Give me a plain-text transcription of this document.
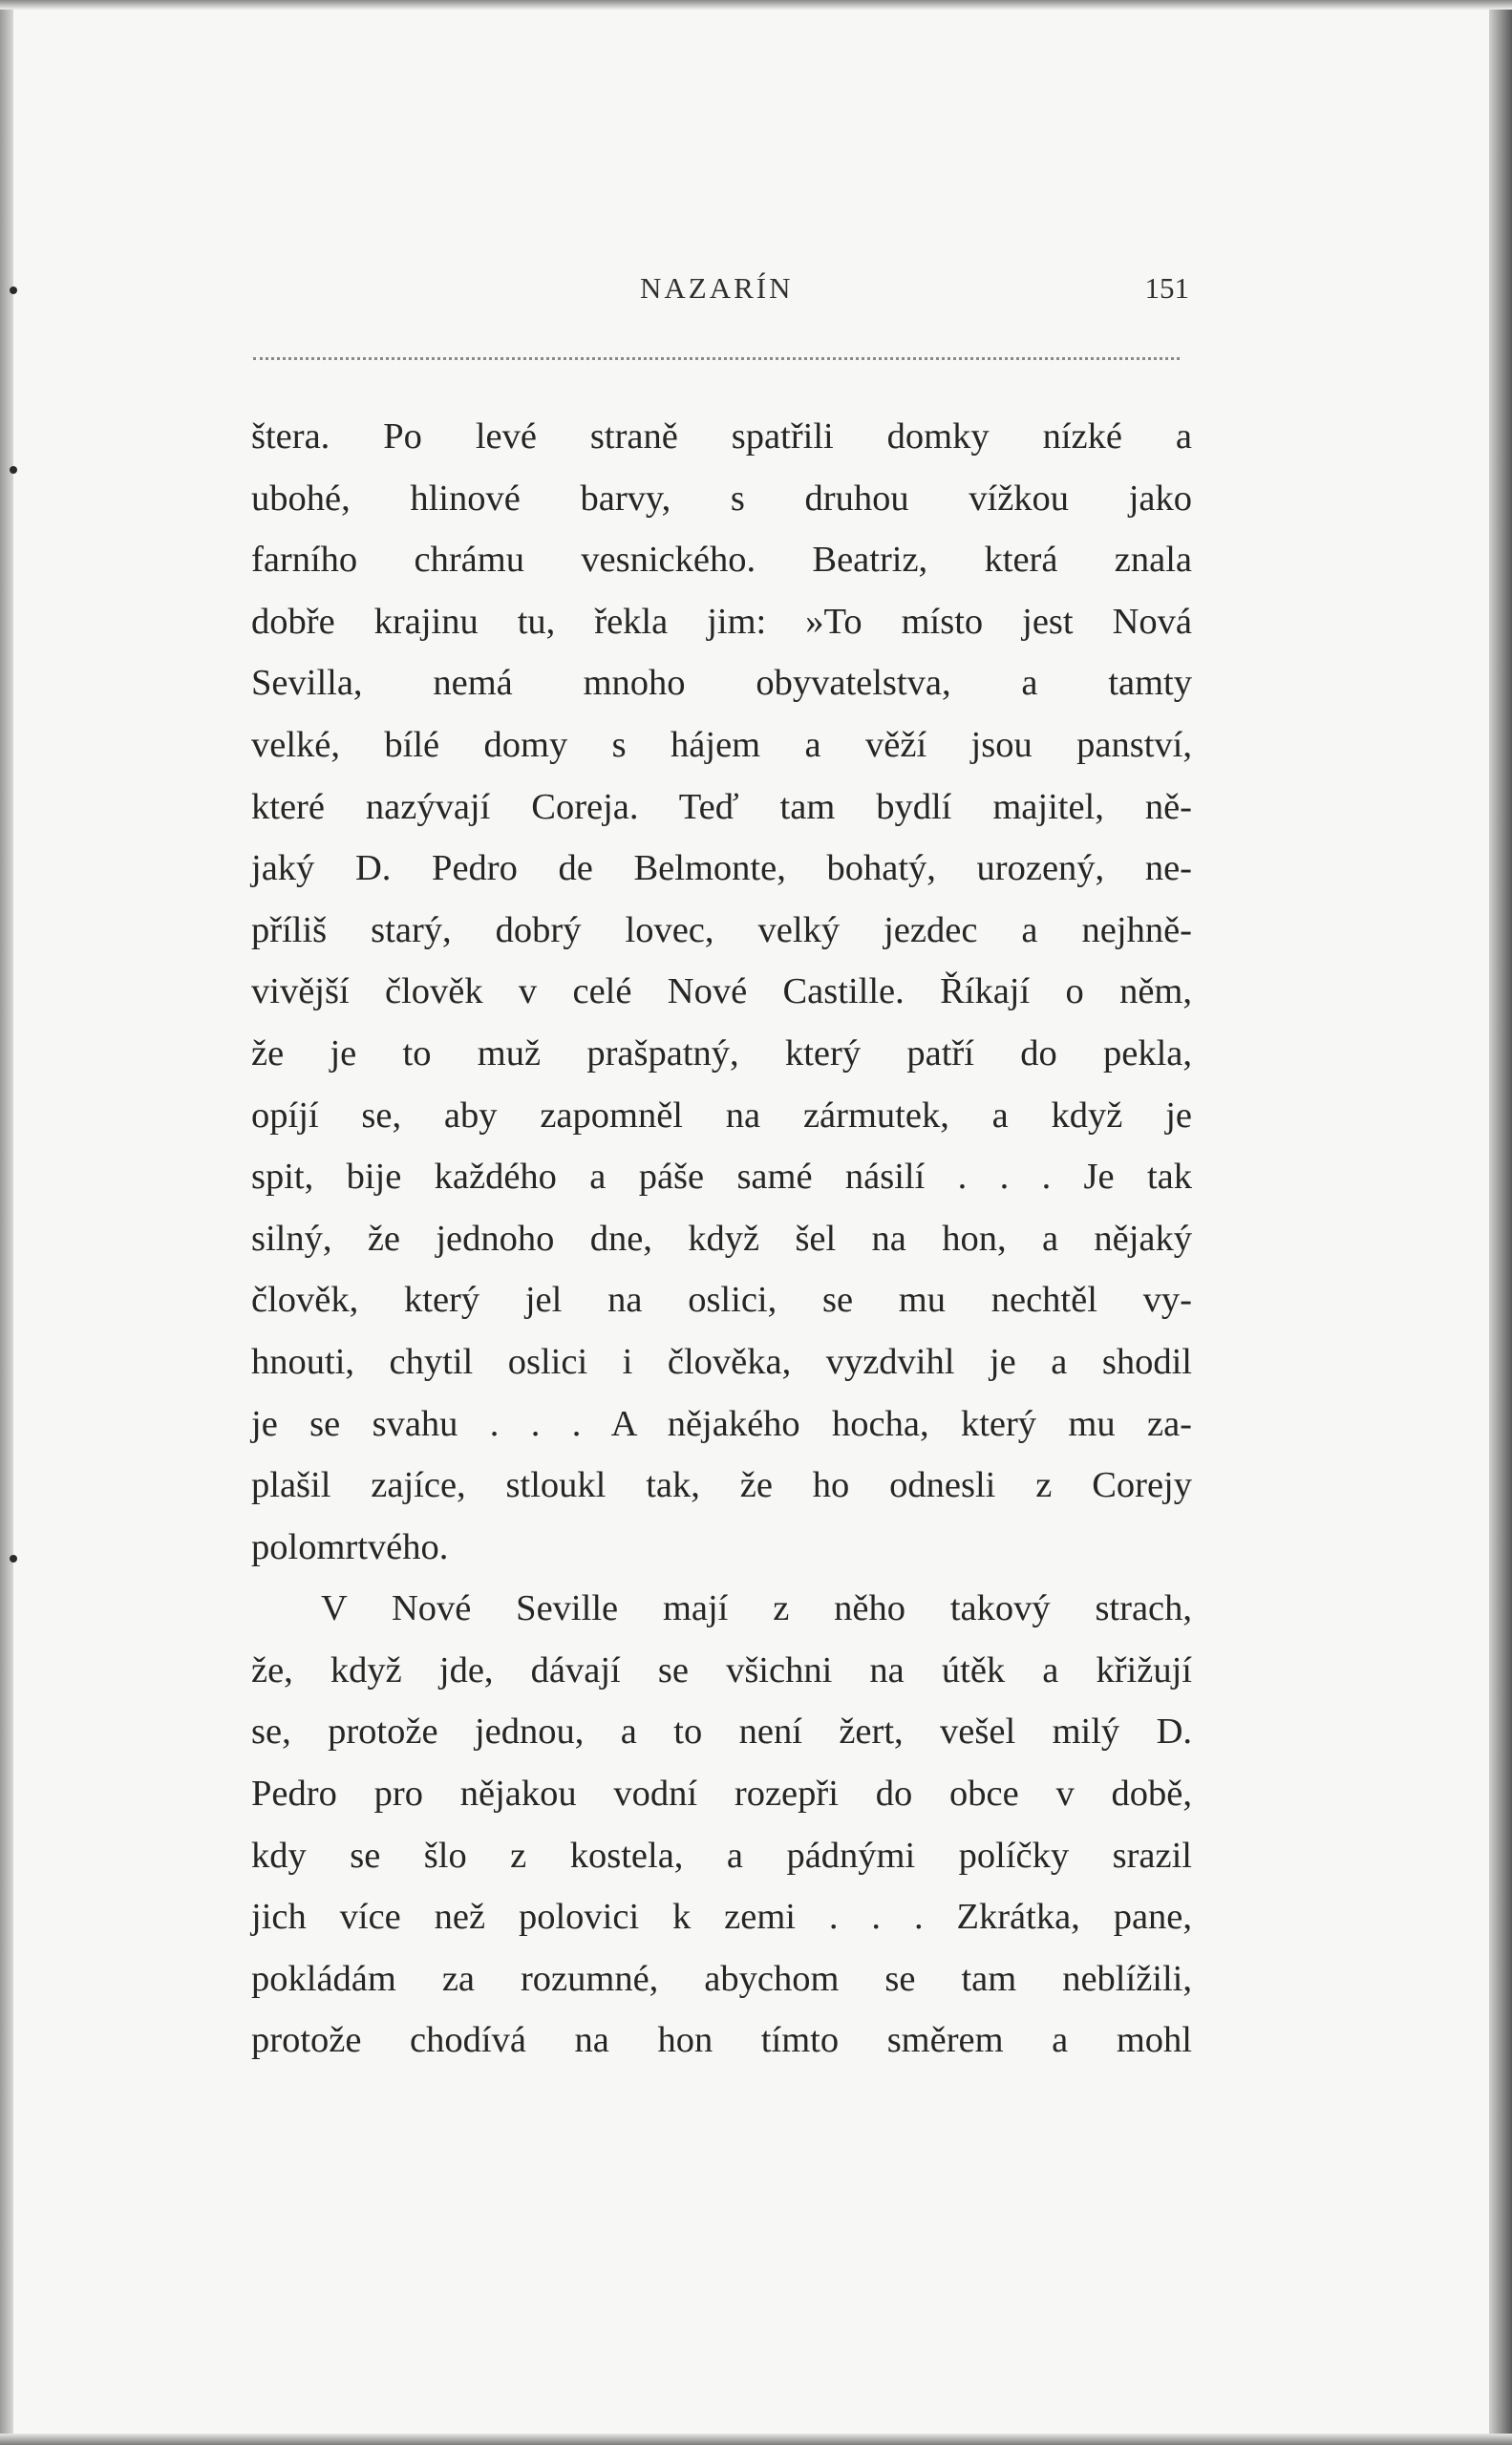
NAZARÍN	151
štera. Po levé straně spatřili domky nízké a
ubohé, hlinové barvy, s druhou vížkou jako
farního chrámu vesnického. Beatriz, která znala
dobře krajinu tu, řekla jim: »To místo jest Nová
Sevilla, nemá mnoho obyvatelstva, a tamty
velké, bílé domy s hájem a věží jsou panství,
které nazývají Coreja. Teď tam bydlí majitel, ně-
jaký D. Pedro de Belmonte, bohatý, urozený, ne-
příliš starý, dobrý lovec, velký jezdec a nejhně-
vivější člověk v celé Nové Castille. Říkají o něm,
že je to muž prašpatný, který patří do pekla,
opíjí se, aby zapomněl na zármutek, a když je
spit, bije každého a páše samé násilí . . . Je tak
silný, že jednoho dne, když šel na hon, a nějaký
člověk, který jel na oslici, se mu nechtěl vy-
hnouti, chytil oslici i člověka, vyzdvihl je a shodil
je se svahu . . . A nějakého hocha, který mu za-
plašil zajíce, stloukl tak, že ho odnesli z Corejy
polomrtvého.
V Nové Seville mají z něho takový strach,
že, když jde, dávají se všichni na útěk a křižují
se, protože jednou, a to není žert, vešel milý D.
Pedro pro nějakou vodní rozepři do obce v době,
kdy se šlo z kostela, a pádnými políčky srazil
jich více než polovici k zemi . . . Zkrátka, pane,
pokládám za rozumné, abychom se tam neblížili,
protože chodívá na hon tímto směrem a mohl
